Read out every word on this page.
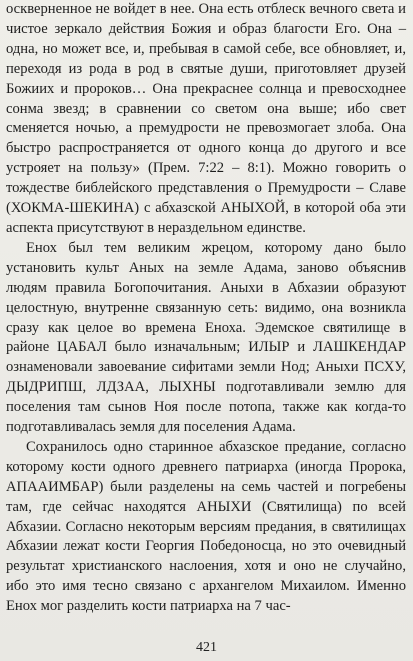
оскверненное не войдет в нее. Она есть отблеск вечного света и чистое зеркало действия Божия и образ благости Его. Она – одна, но может все, и, пребывая в самой себе, все обновляет, и, переходя из рода в род в святые души, приготовляет друзей Божиих и пророков… Она прекраснее солнца и превосходнее сонма звезд; в сравнении со светом она выше; ибо свет сменяется ночью, а премудрости не превозмогает злоба. Она быстро распространяется от одного конца до другого и все устрояет на пользу» (Прем. 7:22 – 8:1). Можно говорить о тождестве библейского представления о Премудрости – Славе (ХОКМА-ШЕКИНА) с абхазской АНЫХОЙ, в которой оба эти аспекта присутствуют в нераздельном единстве.

Енох был тем великим жрецом, которому дано было установить культ Аных на земле Адама, заново объяснив людям правила Богопочитания. Аныхи в Абхазии образуют целостную, внутренне связанную сеть: видимо, она возникла сразу как целое во времена Еноха. Эдемское святилище в районе ЦАБАЛ было изначальным; ИЛЫР и ЛАШКЕНДАР ознаменовали завоевание сифитами земли Нод; Аныхи ПСХУ, ДЫДРИПШ, ЛДЗАА, ЛЫХНЫ подготавливали землю для поселения там сынов Ноя после потопа, также как когда-то подготавливалась земля для поселения Адама.

Сохранилось одно старинное абхазское предание, согласно которому кости одного древнего патриарха (иногда Пророка, АПААИМБАР) были разделены на семь частей и погребены там, где сейчас находятся АНЫХИ (Святилища) по всей Абхазии. Согласно некоторым версиям предания, в святилищах Абхазии лежат кости Георгия Победоносца, но это очевидный результат христианского наслоения, хотя и оно не случайно, ибо это имя тесно связано с архангелом Михаилом. Именно Енох мог разделить кости патриарха на 7 час-

421
